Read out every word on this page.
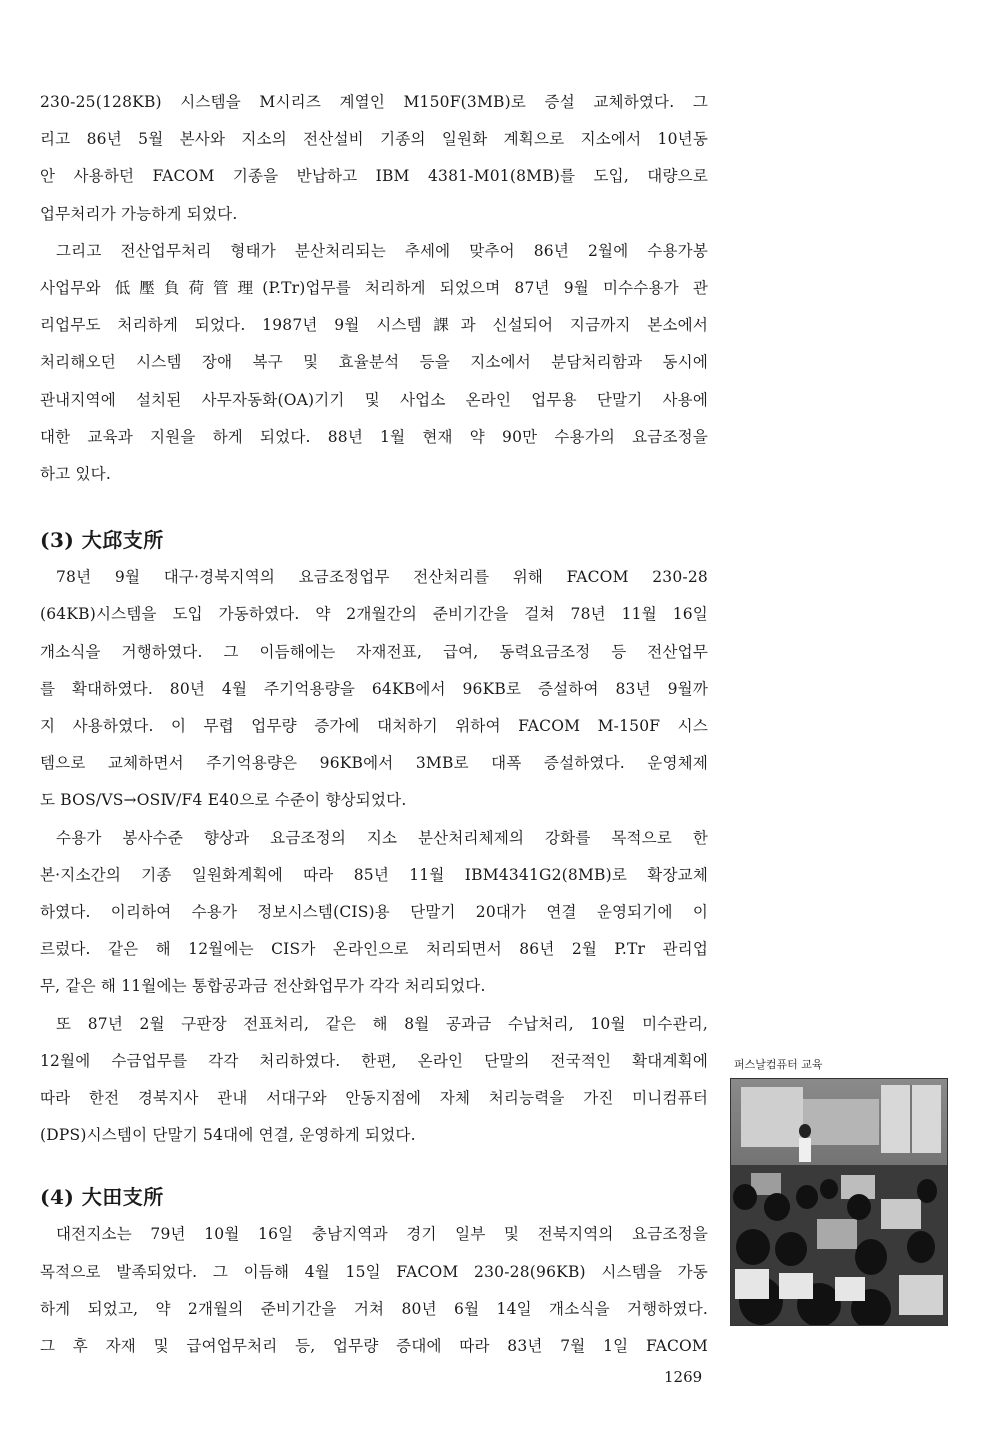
230-25(128KB) 시스템을 M시리즈 계열인 M150F(3MB)로 증설 교체하였다. 그
리고 86년 5월 본사와 지소의 전산설비 기종의 일원화 계획으로 지소에서 10년동
안 사용하던 FACOM 기종을 반납하고 IBM 4381-M01(8MB)를 도입, 대량으로
업무처리가 가능하게 되었다.

그리고 전산업무처리 형태가 분산처리되는 추세에 맞추어 86년 2월에 수용가봉
사업무와 低壓負荷管理(P.Tr)업무를 처리하게 되었으며 87년 9월 미수수용가 관
리업무도 처리하게 되었다. 1987년 9월 시스템課과 신설되어 지금까지 본소에서
처리해오던 시스템 장애 복구 및 효율분석 등을 지소에서 분담처리함과 동시에
관내지역에 설치된 사무자동화(OA)기기 및 사업소 온라인 업무용 단말기 사용에
대한 교육과 지원을 하게 되었다. 88년 1월 현재 약 90만 수용가의 요금조정을
하고 있다.

(3) 大邱支所

78년 9월 대구·경북지역의 요금조정업무 전산처리를 위해 FACOM 230-28
(64KB)시스템을 도입 가동하였다. 약 2개월간의 준비기간을 걸쳐 78년 11월 16일
개소식을 거행하였다. 그 이듬해에는 자재전표, 급여, 동력요금조정 등 전산업무
를 확대하였다. 80년 4월 주기억용량을 64KB에서 96KB로 증설하여 83년 9월까
지 사용하였다. 이 무렵 업무량 증가에 대처하기 위하여 FACOM M-150F 시스
템으로 교체하면서 주기억용량은 96KB에서 3MB로 대폭 증설하였다. 운영체제
도 BOS/VS→OSⅣ/F4 E40으로 수준이 향상되었다.

수용가 봉사수준 향상과 요금조정의 지소 분산처리체제의 강화를 목적으로 한
본·지소간의 기종 일원화계획에 따라 85년 11월 IBM4341G2(8MB)로 확장교체
하였다. 이리하여 수용가 정보시스템(CIS)용 단말기 20대가 연결 운영되기에 이
르렀다. 같은 해 12월에는 CIS가 온라인으로 처리되면서 86년 2월 P.Tr 관리업
무, 같은 해 11월에는 통합공과금 전산화업무가 각각 처리되었다.

또 87년 2월 구판장 전표처리, 같은 해 8월 공과금 수납처리, 10월 미수관리,
12월에 수금업무를 각각 처리하였다. 한편, 온라인 단말의 전국적인 확대계획에
따라 한전 경북지사 관내 서대구와 안동지점에 자체 처리능력을 가진 미니컴퓨터
(DPS)시스템이 단말기 54대에 연결, 운영하게 되었다.

(4) 大田支所

대전지소는 79년 10월 16일 충남지역과 경기 일부 및 전북지역의 요금조정을
목적으로 발족되었다. 그 이듬해 4월 15일 FACOM 230-28(96KB) 시스템을 가동
하게 되었고, 약 2개월의 준비기간을 거쳐 80년 6월 14일 개소식을 거행하였다.
그 후 자재 및 급여업무처리 등, 업무량 증대에 따라 83년 7월 1일 FACOM

퍼스날컴퓨터 교육
1269
